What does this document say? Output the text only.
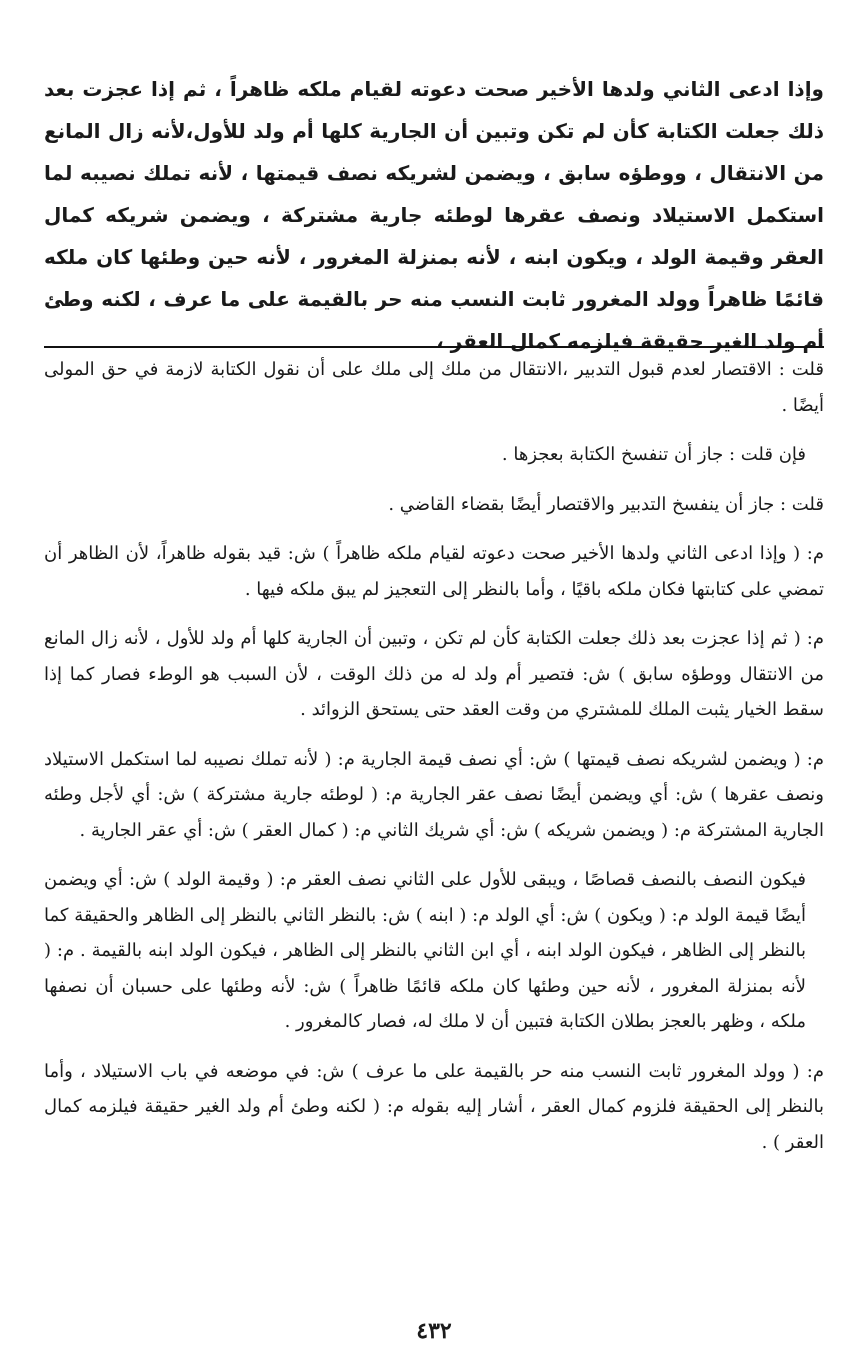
وإذا ادعى الثاني ولدها الأخير صحت دعوته لقيام ملكه ظاهراً ، ثم إذا عجزت بعد ذلك جعلت الكتابة كأن لم تكن وتبين أن الجارية كلها أم ولد للأول،لأنه زال المانع من الانتقال ، ووطؤه سابق ، ويضمن لشريكه نصف قيمتها ، لأنه تملك نصيبه لما استكمل الاستيلاد ونصف عقرها لوطئه جارية مشتركة ، ويضمن شريكه كمال العقر وقيمة الولد ، ويكون ابنه ، لأنه بمنزلة المغرور ، لأنه حين وطئها كان ملكه قائمًا ظاهراً وولد المغرور ثابت النسب منه حر بالقيمة على ما عرف ، لكنه وطئ أم ولد الغير حقيقة فيلزمه كمال العقر ،

قلت : الاقتصار لعدم قبول التدبير ،الانتقال من ملك إلى ملك على أن نقول الكتابة لازمة في حق المولى أيضًا .

فإن قلت : جاز أن تنفسخ الكتابة بعجزها .

قلت : جاز أن ينفسخ التدبير والاقتصار أيضًا بقضاء القاضي .

م: ( وإذا ادعى الثاني ولدها الأخير صحت دعوته لقيام ملكه ظاهراً ) ش: قيد بقوله ظاهراً، لأن الظاهر أن تمضي على كتابتها فكان ملكه باقيًا ، وأما بالنظر إلى التعجيز لم يبق ملكه فيها .

م: ( ثم إذا عجزت بعد ذلك جعلت الكتابة كأن لم تكن ، وتبين أن الجارية كلها أم ولد للأول ، لأنه زال المانع من الانتقال ووطؤه سابق ) ش: فتصير أم ولد له من ذلك الوقت ، لأن السبب هو الوطء فصار كما إذا سقط الخيار يثبت الملك للمشتري من وقت العقد حتى يستحق الزوائد .

م: ( ويضمن لشريكه نصف قيمتها ) ش: أي نصف قيمة الجارية م: ( لأنه تملك نصيبه لما استكمل الاستيلاد ونصف عقرها ) ش: أي ويضمن أيضًا نصف عقر الجارية م: ( لوطئه جارية مشتركة ) ش: أي لأجل وطئه الجارية المشتركة م: ( ويضمن شريكه ) ش: أي شريك الثاني م: ( كمال العقر ) ش: أي عقر الجارية .

فيكون النصف بالنصف قصاصًا ، ويبقى للأول على الثاني نصف العقر م: ( وقيمة الولد ) ش: أي ويضمن أيضًا قيمة الولد م: ( ويكون ) ش: أي الولد م: ( ابنه ) ش: بالنظر الثاني بالنظر إلى الظاهر والحقيقة كما بالنظر إلى الظاهر ، فيكون الولد ابنه ، أي ابن الثاني بالنظر إلى الظاهر ، فيكون الولد ابنه بالقيمة . م: ( لأنه بمنزلة المغرور ، لأنه حين وطئها كان ملكه قائمًا ظاهراً ) ش: لأنه وطئها على حسبان أن نصفها ملكه ، وظهر بالعجز بطلان الكتابة فتبين أن لا ملك له، فصار كالمغرور .

م: ( وولد المغرور ثابت النسب منه حر بالقيمة على ما عرف ) ش: في موضعه في باب الاستيلاد ، وأما بالنظر إلى الحقيقة فلزوم كمال العقر ، أشار إليه بقوله م: ( لكنه وطئ أم ولد الغير حقيقة فيلزمه كمال العقر ) .

٤٣٢
